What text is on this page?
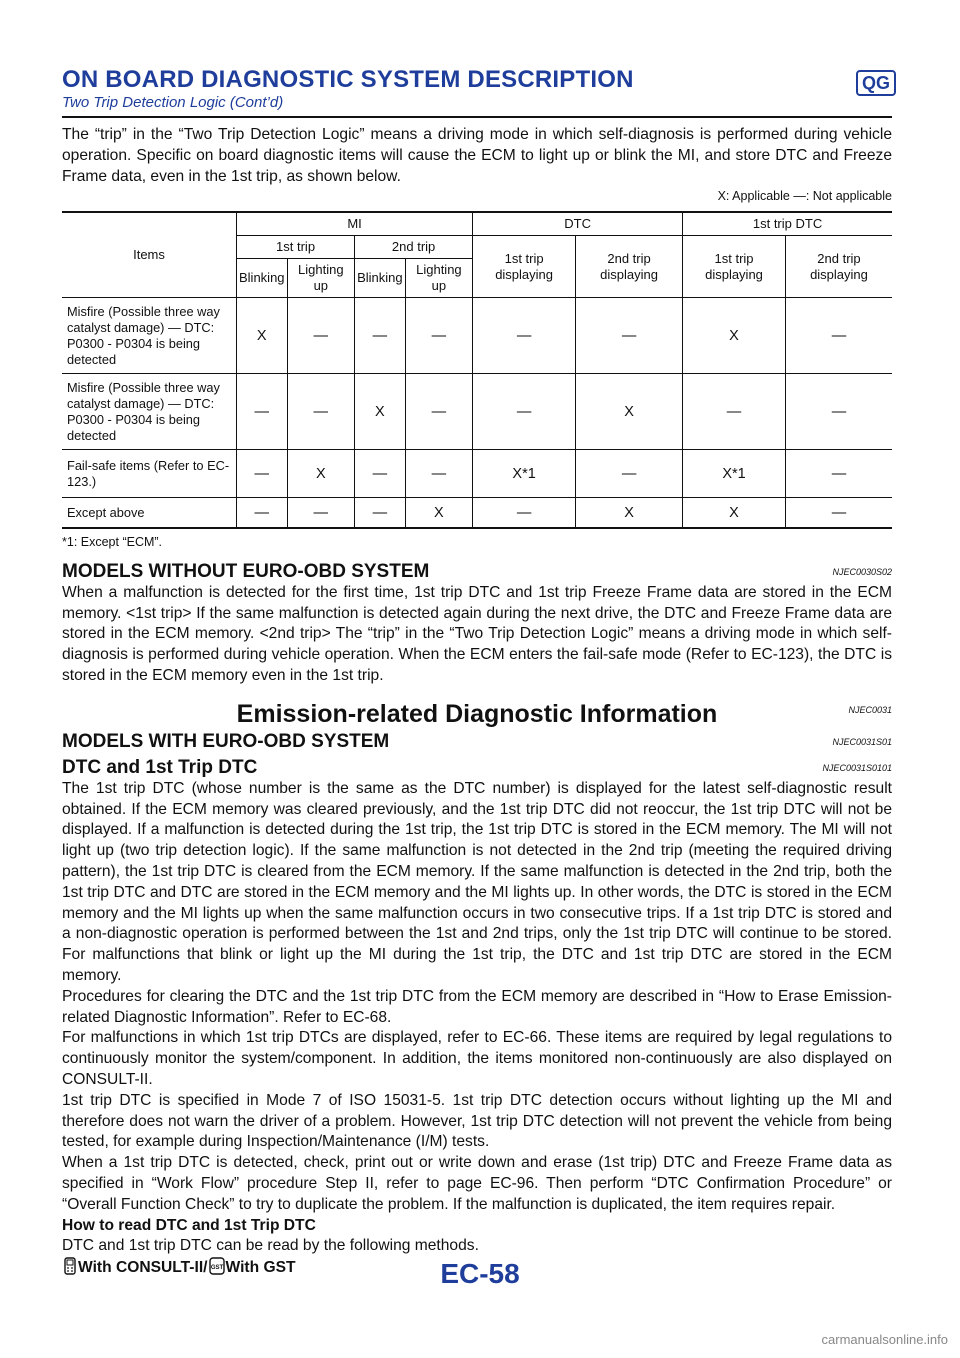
ON BOARD DIAGNOSTIC SYSTEM DESCRIPTION
Two Trip Detection Logic (Cont’d)
QG

The “trip” in the “Two Trip Detection Logic” means a driving mode in which self-diagnosis is performed during vehicle operation. Specific on board diagnostic items will cause the ECM to light up or blink the MI, and store DTC and Freeze Frame data, even in the 1st trip, as shown below.

X: Applicable —: Not applicable
Items	MI				DTC		1st trip DTC	
	1st trip		2nd trip		1st trip displaying	2nd trip displaying	1st trip displaying	2nd trip displaying
	Blinking	Lighting up	Blinking	Lighting up				
Misfire (Possible three way catalyst damage) — DTC: P0300 - P0304 is being detected	X	—	—	—	—	—	X	—
Misfire (Possible three way catalyst damage) — DTC: P0300 - P0304 is being detected	—	—	X	—	—	X	—	—
Fail-safe items (Refer to EC-123.)	—	X	—	—	X*1	—	X*1	—
Except above	—	—	—	X	—	X	X	—
*1: Except “ECM”.
MODELS WITHOUT EURO-OBD SYSTEM	NJEC0030S02

When a malfunction is detected for the first time, 1st trip DTC and 1st trip Freeze Frame data are stored in the ECM memory. <1st trip> If the same malfunction is detected again during the next drive, the DTC and Freeze Frame data are stored in the ECM memory. <2nd trip> The “trip” in the “Two Trip Detection Logic” means a driving mode in which self-diagnosis is performed during vehicle operation. When the ECM enters the fail-safe mode (Refer to EC-123), the DTC is stored in the ECM memory even in the 1st trip.

Emission-related Diagnostic Information	NJEC0031
MODELS WITH EURO-OBD SYSTEM	NJEC0031S01
DTC and 1st Trip DTC	NJEC0031S0101

The 1st trip DTC (whose number is the same as the DTC number) is displayed for the latest self-diagnostic result obtained. If the ECM memory was cleared previously, and the 1st trip DTC did not reoccur, the 1st trip DTC will not be displayed. If a malfunction is detected during the 1st trip, the 1st trip DTC is stored in the ECM memory. The MI will not light up (two trip detection logic). If the same malfunction is not detected in the 2nd trip (meeting the required driving pattern), the 1st trip DTC is cleared from the ECM memory. If the same malfunction is detected in the 2nd trip, both the 1st trip DTC and DTC are stored in the ECM memory and the MI lights up. In other words, the DTC is stored in the ECM memory and the MI lights up when the same malfunction occurs in two consecutive trips. If a 1st trip DTC is stored and a non-diagnostic operation is performed between the 1st and 2nd trips, only the 1st trip DTC will continue to be stored. For malfunctions that blink or light up the MI during the 1st trip, the DTC and 1st trip DTC are stored in the ECM memory.

Procedures for clearing the DTC and the 1st trip DTC from the ECM memory are described in “How to Erase Emission-related Diagnostic Information”. Refer to EC-68.

For malfunctions in which 1st trip DTCs are displayed, refer to EC-66. These items are required by legal regulations to continuously monitor the system/component. In addition, the items monitored non-continuously are also displayed on CONSULT-II.

1st trip DTC is specified in Mode 7 of ISO 15031-5. 1st trip DTC detection occurs without lighting up the MI and therefore does not warn the driver of a problem. However, 1st trip DTC detection will not prevent the vehicle from being tested, for example during Inspection/Maintenance (I/M) tests.

When a 1st trip DTC is detected, check, print out or write down and erase (1st trip) DTC and Freeze Frame data as specified in “Work Flow” procedure Step II, refer to page EC-96. Then perform “DTC Confirmation Procedure” or “Overall Function Check” to try to duplicate the problem. If the malfunction is duplicated, the item requires repair.

How to read DTC and 1st Trip DTC

DTC and 1st trip DTC can be read by the following methods.

With CONSULT-II/ GST With GST	EC-58
carmanualsonline.info
